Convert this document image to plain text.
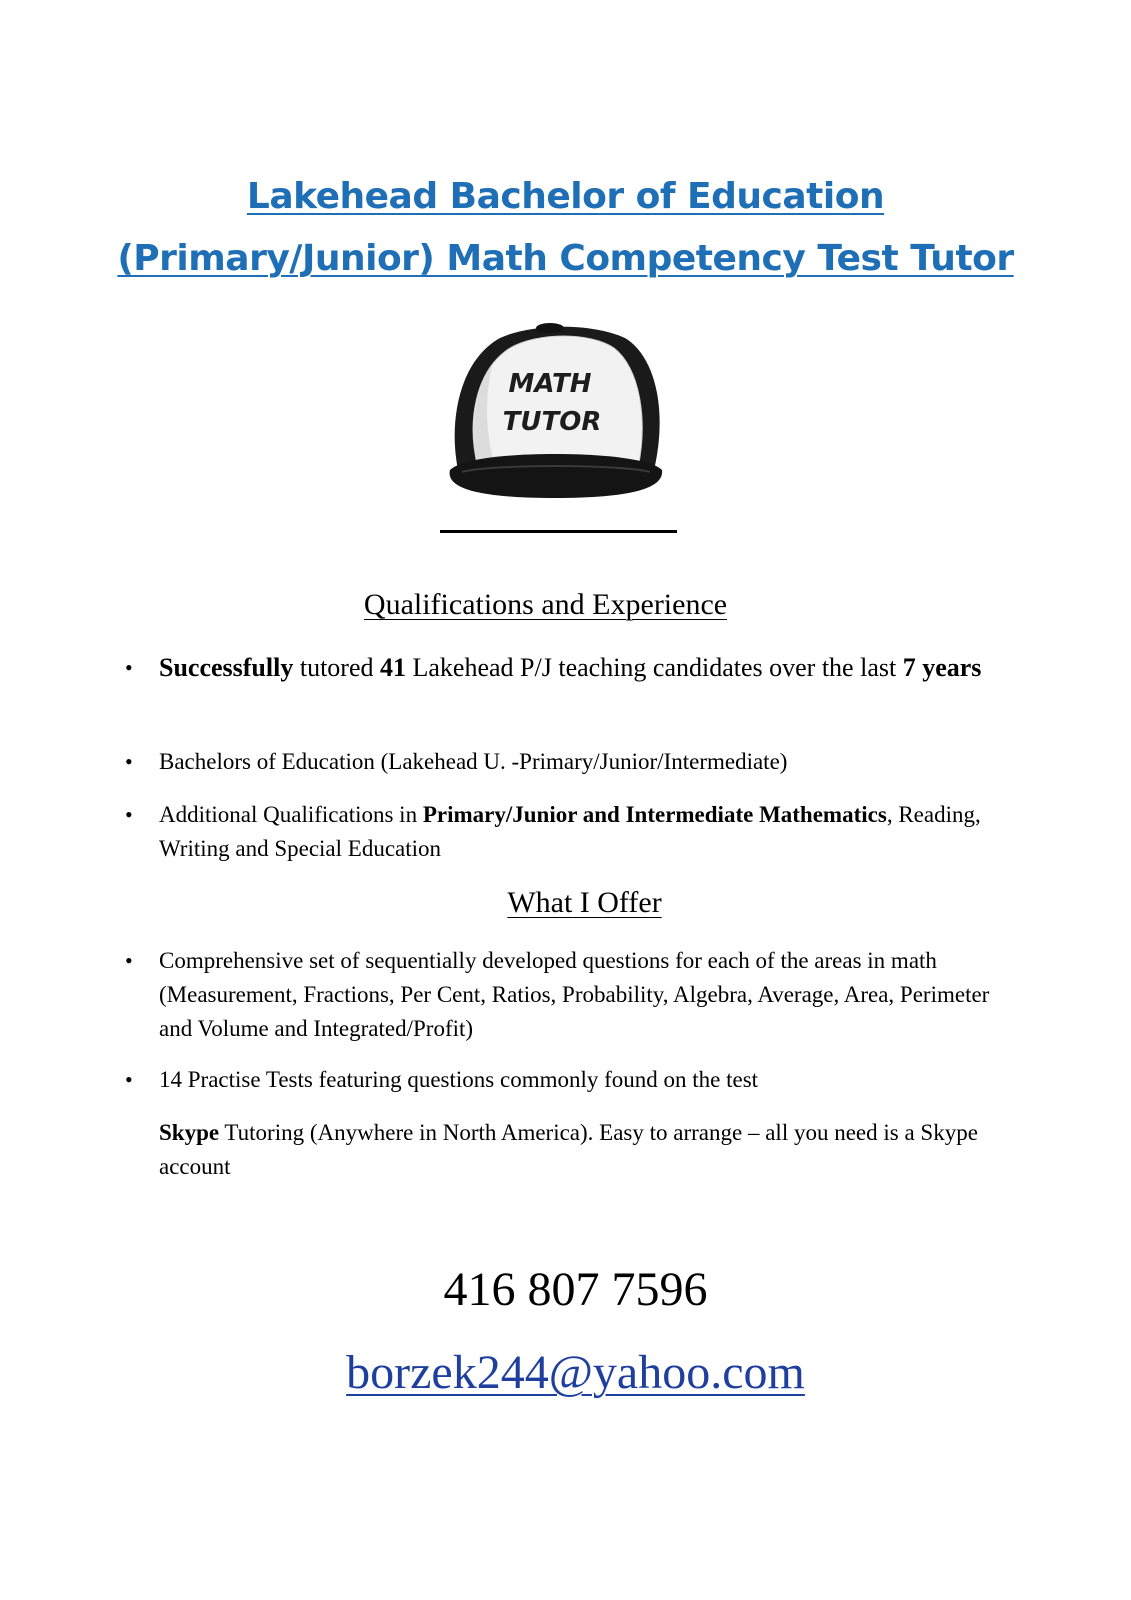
Lakehead Bachelor of Education
(Primary/Junior) Math Competency Test Tutor
MATH
TUTOR
Qualifications and Experience
• Successfully tutored 41 Lakehead P/J teaching candidates over the last 7 years
• Bachelors of Education (Lakehead U. -Primary/Junior/Intermediate)
• Additional Qualifications in Primary/Junior and Intermediate Mathematics, Reading, Writing and Special Education
What I Offer
• Comprehensive set of sequentially developed questions for each of the areas in math (Measurement, Fractions, Per Cent, Ratios, Probability, Algebra, Average, Area, Perimeter and Volume and Integrated/Profit)
• 14 Practise Tests featuring questions commonly found on the test
Skype Tutoring (Anywhere in North America). Easy to arrange – all you need is a Skype account
416 807 7596
borzek244@yahoo.com
